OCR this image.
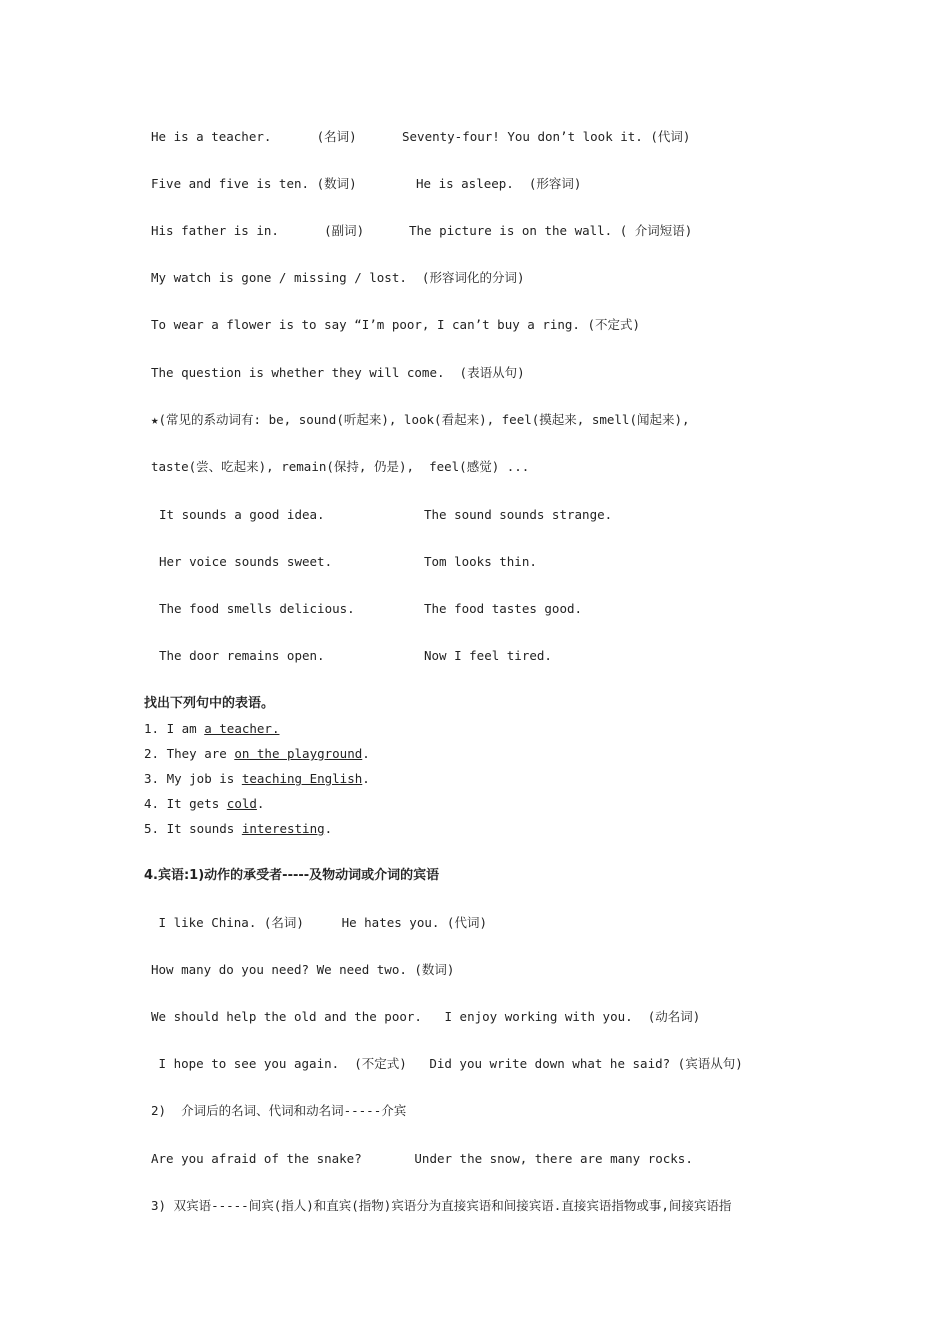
He is a teacher.      (名词)	Seventy-four! You don’t look it. (代词)
Five and five is ten. (数词)	He is asleep.  (形容词)
His father is in.      (副词)	The picture is on the wall. ( 介词短语)
My watch is gone / missing / lost.  (形容词化的分词)
To wear a flower is to say “I’m poor, I can’t buy a ring. (不定式)
The question is whether they will come.  (表语从句)
★(常见的系动词有: be, sound(听起来), look(看起来), feel(摸起来, smell(闻起来),
taste(尝、吃起来), remain(保持, 仍是),  feel(感觉) ...
It sounds a good idea.	The sound sounds strange.
Her voice sounds sweet.	Tom looks thin.
The food smells delicious.	The food tastes good.
The door remains open.	Now I feel tired.
找出下列句中的表语。
1. I am a teacher.
2. They are on the playground.
3. My job is teaching English.
4. It gets cold.
5. It sounds interesting.
4.宾语:1)动作的承受者-----及物动词或介词的宾语
I like China. (名词)     He hates you. (代词)
How many do you need? We need two. (数词)
We should help the old and the poor.   I enjoy working with you.  (动名词)
I hope to see you again.  (不定式)   Did you write down what he said? (宾语从句)
2)  介词后的名词、代词和动名词-----介宾
Are you afraid of the snake?       Under the snow, there are many rocks.
3) 双宾语-----间宾(指人)和直宾(指物)宾语分为直接宾语和间接宾语.直接宾语指物或事,间接宾语指
